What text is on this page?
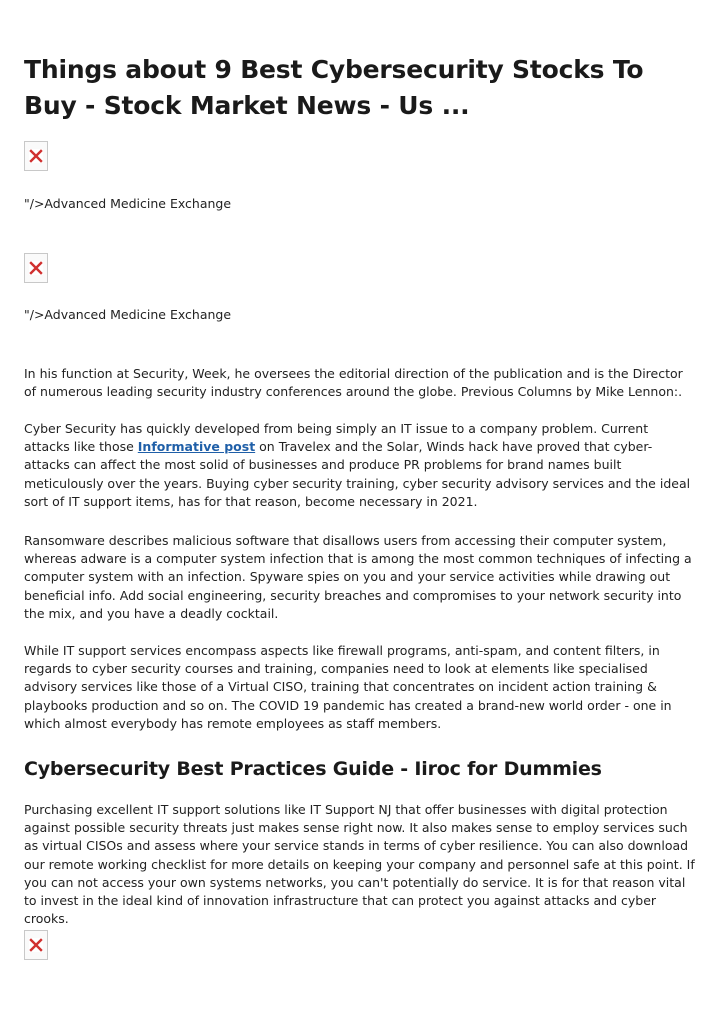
Things about 9 Best Cybersecurity Stocks To Buy - Stock Market News - Us ...
"/>Advanced Medicine Exchange
"/>Advanced Medicine Exchange

In his function at Security, Week, he oversees the editorial direction of the publication and is the Director of numerous leading security industry conferences around the globe. Previous Columns by Mike Lennon:.

Cyber Security has quickly developed from being simply an IT issue to a company problem. Current attacks like those Informative post on Travelex and the Solar, Winds hack have proved that cyber-attacks can affect the most solid of businesses and produce PR problems for brand names built meticulously over the years. Buying cyber security training, cyber security advisory services and the ideal sort of IT support items, has for that reason, become necessary in 2021.

Ransomware describes malicious software that disallows users from accessing their computer system, whereas adware is a computer system infection that is among the most common techniques of infecting a computer system with an infection. Spyware spies on you and your service activities while drawing out beneficial info. Add social engineering, security breaches and compromises to your network security into the mix, and you have a deadly cocktail.

While IT support services encompass aspects like firewall programs, anti-spam, and content filters, in regards to cyber security courses and training, companies need to look at elements like specialised advisory services like those of a Virtual CISO, training that concentrates on incident action training & playbooks production and so on. The COVID 19 pandemic has created a brand-new world order - one in which almost everybody has remote employees as staff members.

Cybersecurity Best Practices Guide - Iiroc for Dummies

Purchasing excellent IT support solutions like IT Support NJ that offer businesses with digital protection against possible security threats just makes sense right now. It also makes sense to employ services such as virtual CISOs and assess where your service stands in terms of cyber resilience. You can also download our remote working checklist for more details on keeping your company and personnel safe at this point. If you can not access your own systems networks, you can't potentially do service. It is for that reason vital to invest in the ideal kind of innovation infrastructure that can protect you against attacks and cyber crooks.
